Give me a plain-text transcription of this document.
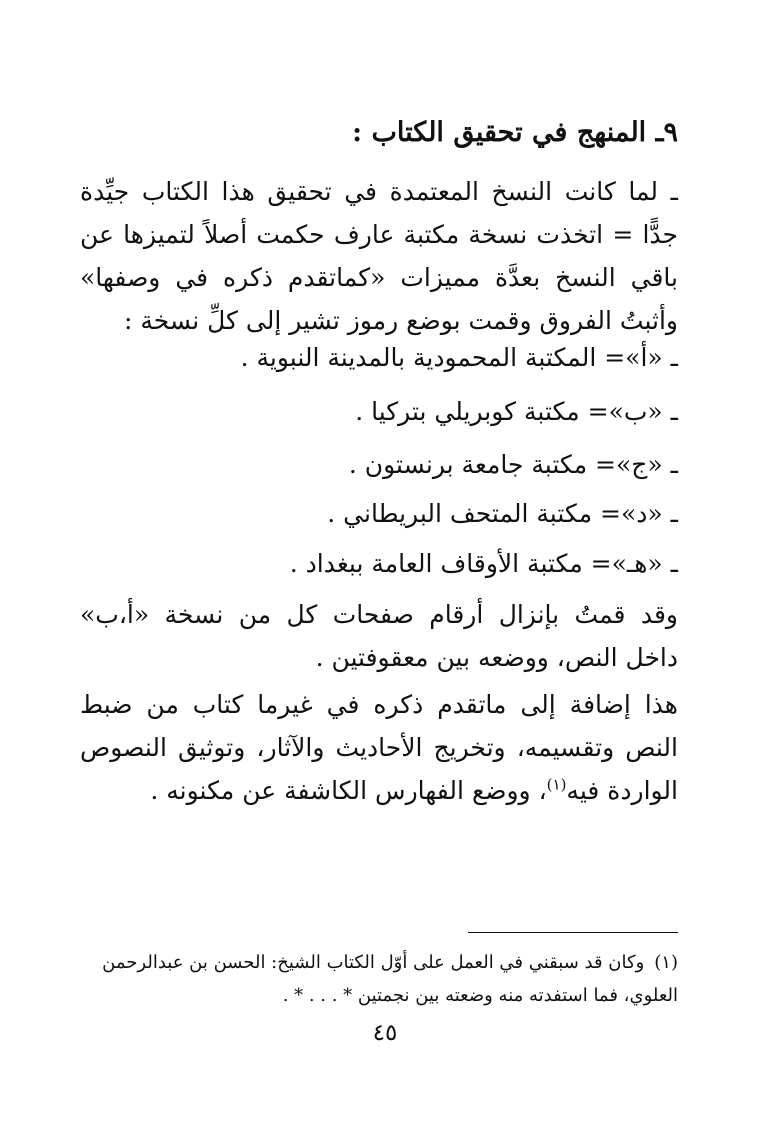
٩ـ المنهج في تحقيق الكتاب :

ـ لما كانت النسخ المعتمدة في تحقيق هذا الكتاب جيِّدة جدًّا = اتخذت نسخة مكتبة عارف حكمت أصلاً لتميزها عن باقي النسخ بعدَّة مميزات «كماتقدم ذكره في وصفها» وأثبتُ الفروق وقمت بوضع رموز تشير إلى كلِّ نسخة :

ـ «أ»= المكتبة المحمودية بالمدينة النبوية .
ـ «ب»= مكتبة كوبريلي بتركيا .
ـ «ج»= مكتبة جامعة برنستون .
ـ «د»= مكتبة المتحف البريطاني .
ـ «هـ»= مكتبة الأوقاف العامة ببغداد .

وقد قمتُ بإنزال أرقام صفحات كل من نسخة «أ،ب» داخل النص، ووضعه بين معقوفتين .

هذا إضافة إلى ماتقدم ذكره في غيرما كتاب من ضبط النص وتقسيمه، وتخريج الأحاديث والآثار، وتوثيق النصوص الواردة فيه$^{(١)}$، ووضع الفهارس الكاشفة عن مكنونه .

(١)وكان قد سبقني في العمل على أوّل الكتاب الشيخ: الحسن بن عبدالرحمن

العلوي، فما استفدته منه وضعته بين نجمتين * . . . * .

٤٥
